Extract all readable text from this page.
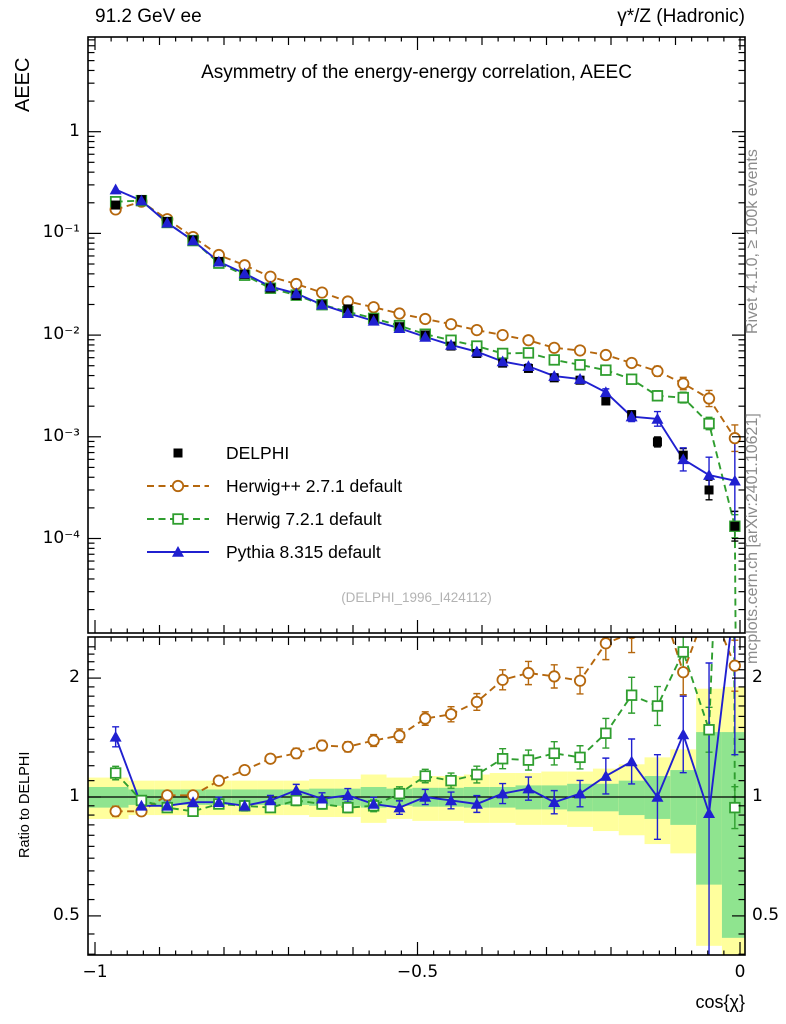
91.2 GeV ee	γ*/Z (Hadronic)
Asymmetry of the energy-energy correlation, AEEC
AEEC
Ratio to DELPHI
Rivet 4.1.0, ≥ 100k events
mcplots.cern.ch [arXiv:2401.10621]
DELPHI
Herwig++ 2.7.1 default
Herwig 7.2.1 default
Pythia 8.315 default
(DELPHI_1996_I424112)
cos{χ}
−1	−0.5	0
1
10⁻¹
10⁻²
10⁻³
10⁻⁴
2	2
1	1
0.5	0.5
